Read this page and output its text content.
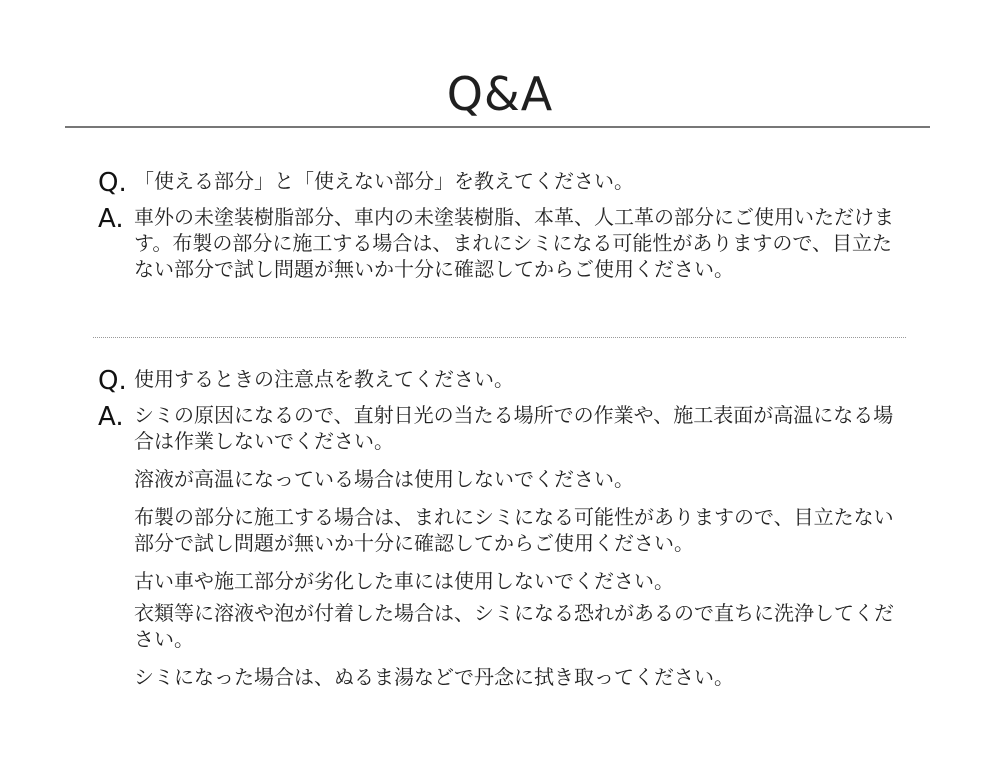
Q&A
Q. 「使える部分」と「使えない部分」を教えてください。
A. 車外の未塗装樹脂部分、車内の未塗装樹脂、本革、人工革の部分にご使用いただけます。布製の部分に施工する場合は、まれにシミになる可能性がありますので、目立たない部分で試し問題が無いか十分に確認してからご使用ください。

Q. 使用するときの注意点を教えてください。
A. シミの原因になるので、直射日光の当たる場所での作業や、施工表面が高温になる場合は作業しないでください。

溶液が高温になっている場合は使用しないでください。

布製の部分に施工する場合は、まれにシミになる可能性がありますので、目立たない部分で試し問題が無いか十分に確認してからご使用ください。

古い車や施工部分が劣化した車には使用しないでください。

衣類等に溶液や泡が付着した場合は、シミになる恐れがあるので直ちに洗浄してください。

シミになった場合は、ぬるま湯などで丹念に拭き取ってください。
